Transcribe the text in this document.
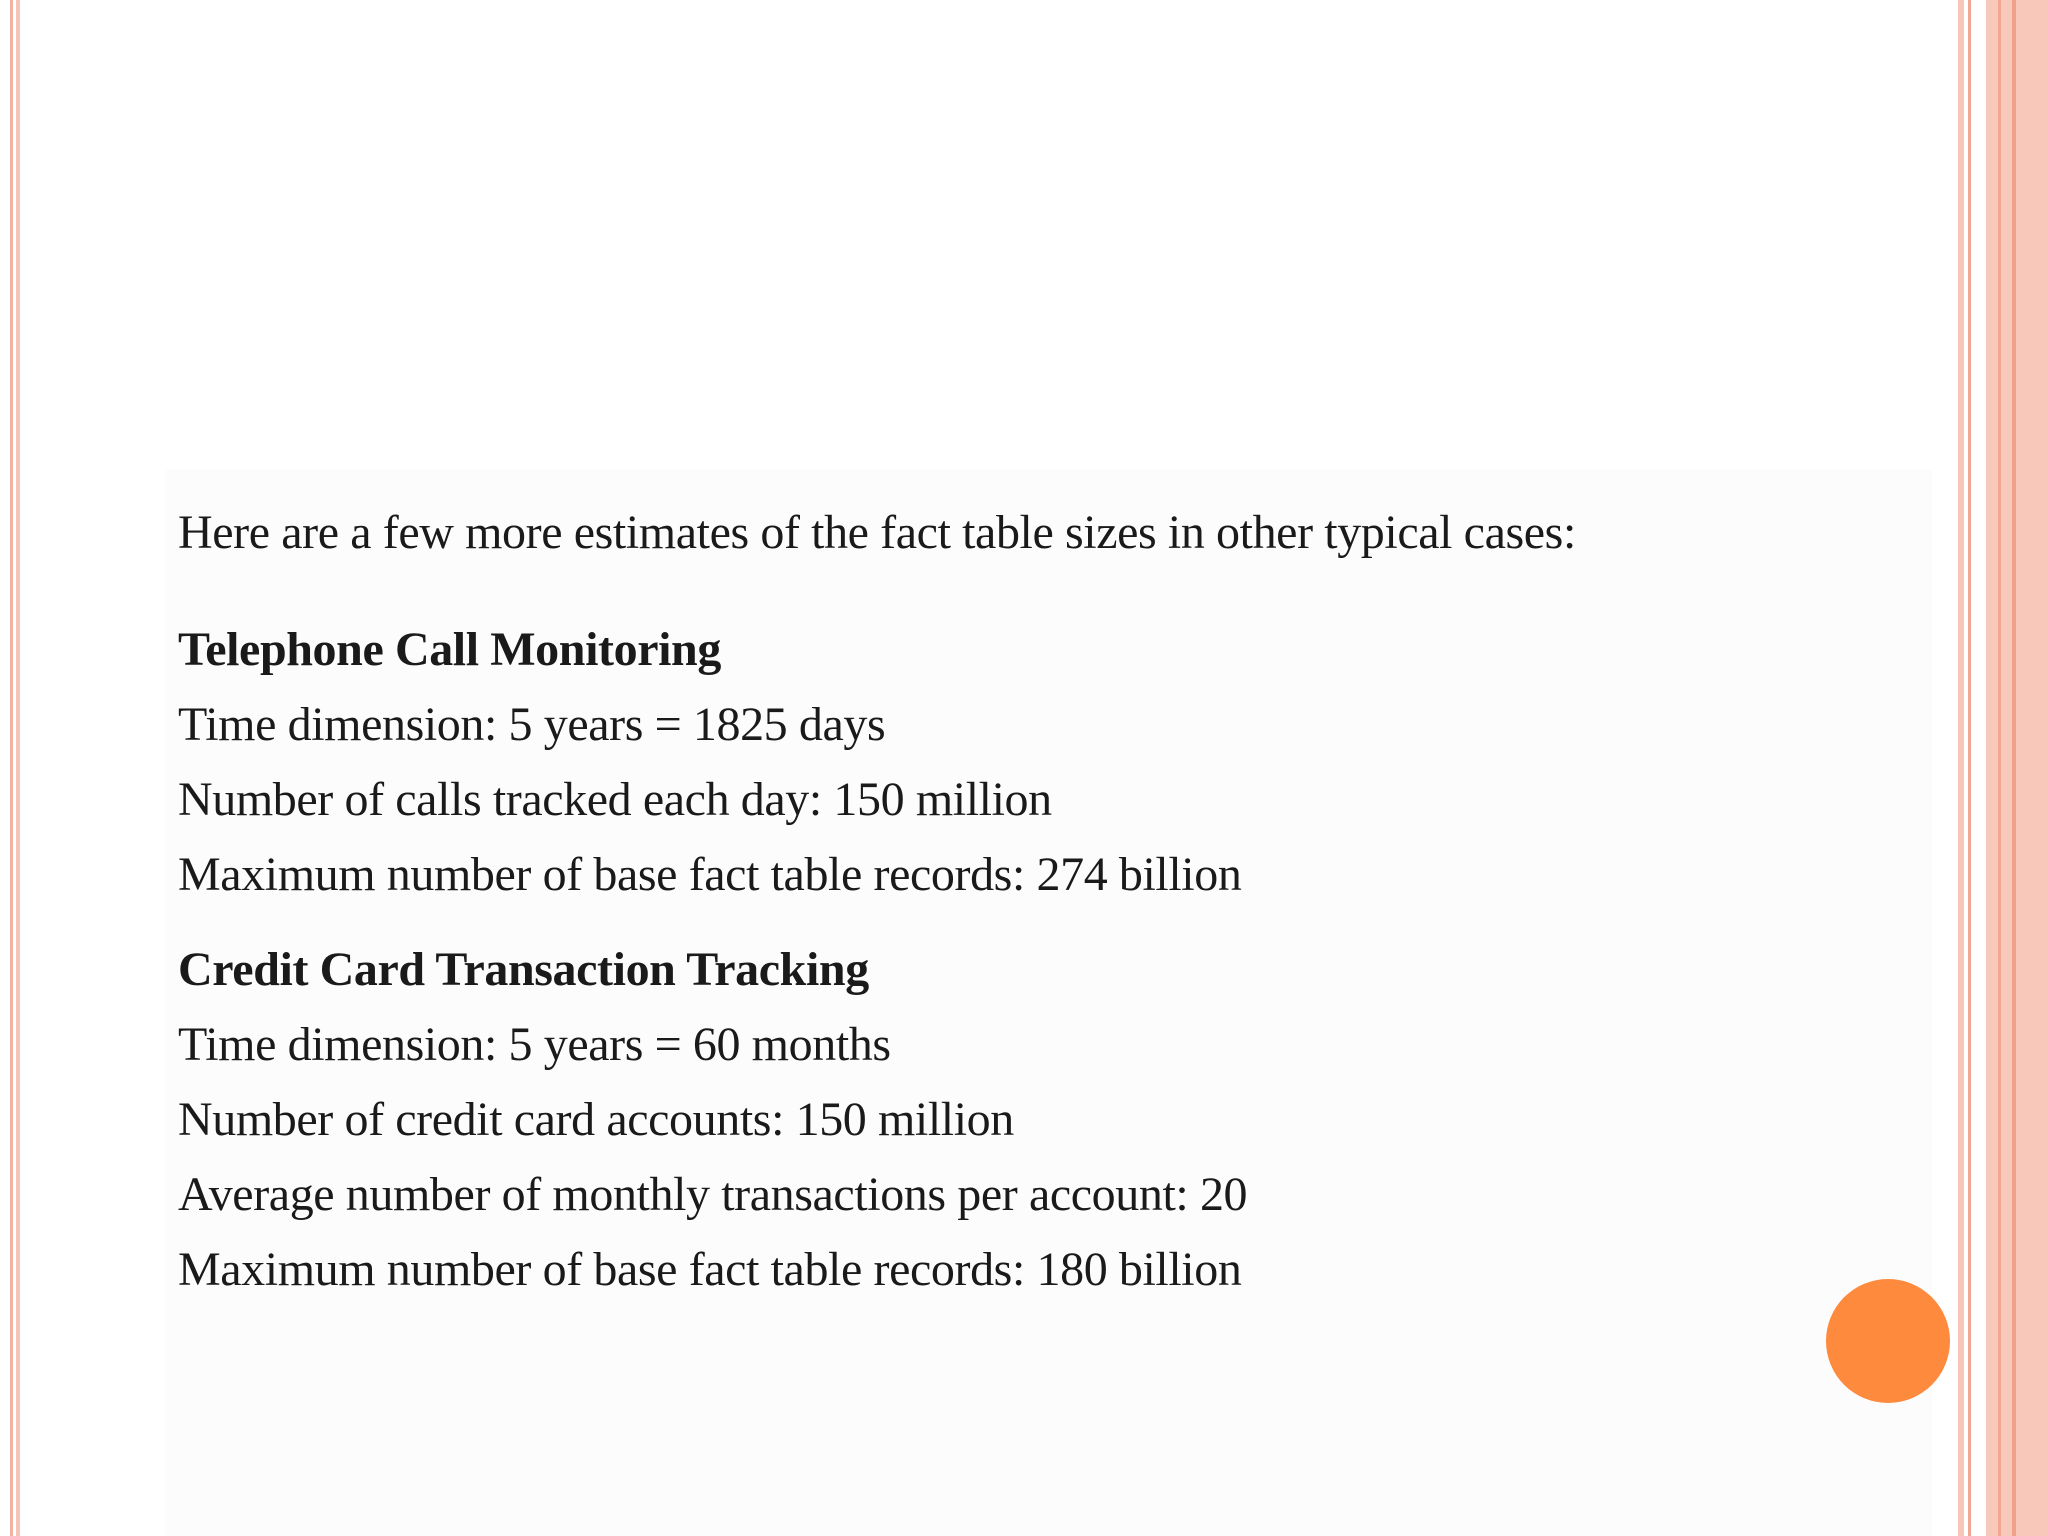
Here are a few more estimates of the fact table sizes in other typical cases:

Telephone Call Monitoring

Time dimension: 5 years = 1825 days

Number of calls tracked each day: 150 million

Maximum number of base fact table records: 274 billion

Credit Card Transaction Tracking

Time dimension: 5 years = 60 months

Number of credit card accounts: 150 million

Average number of monthly transactions per account: 20

Maximum number of base fact table records: 180 billion
